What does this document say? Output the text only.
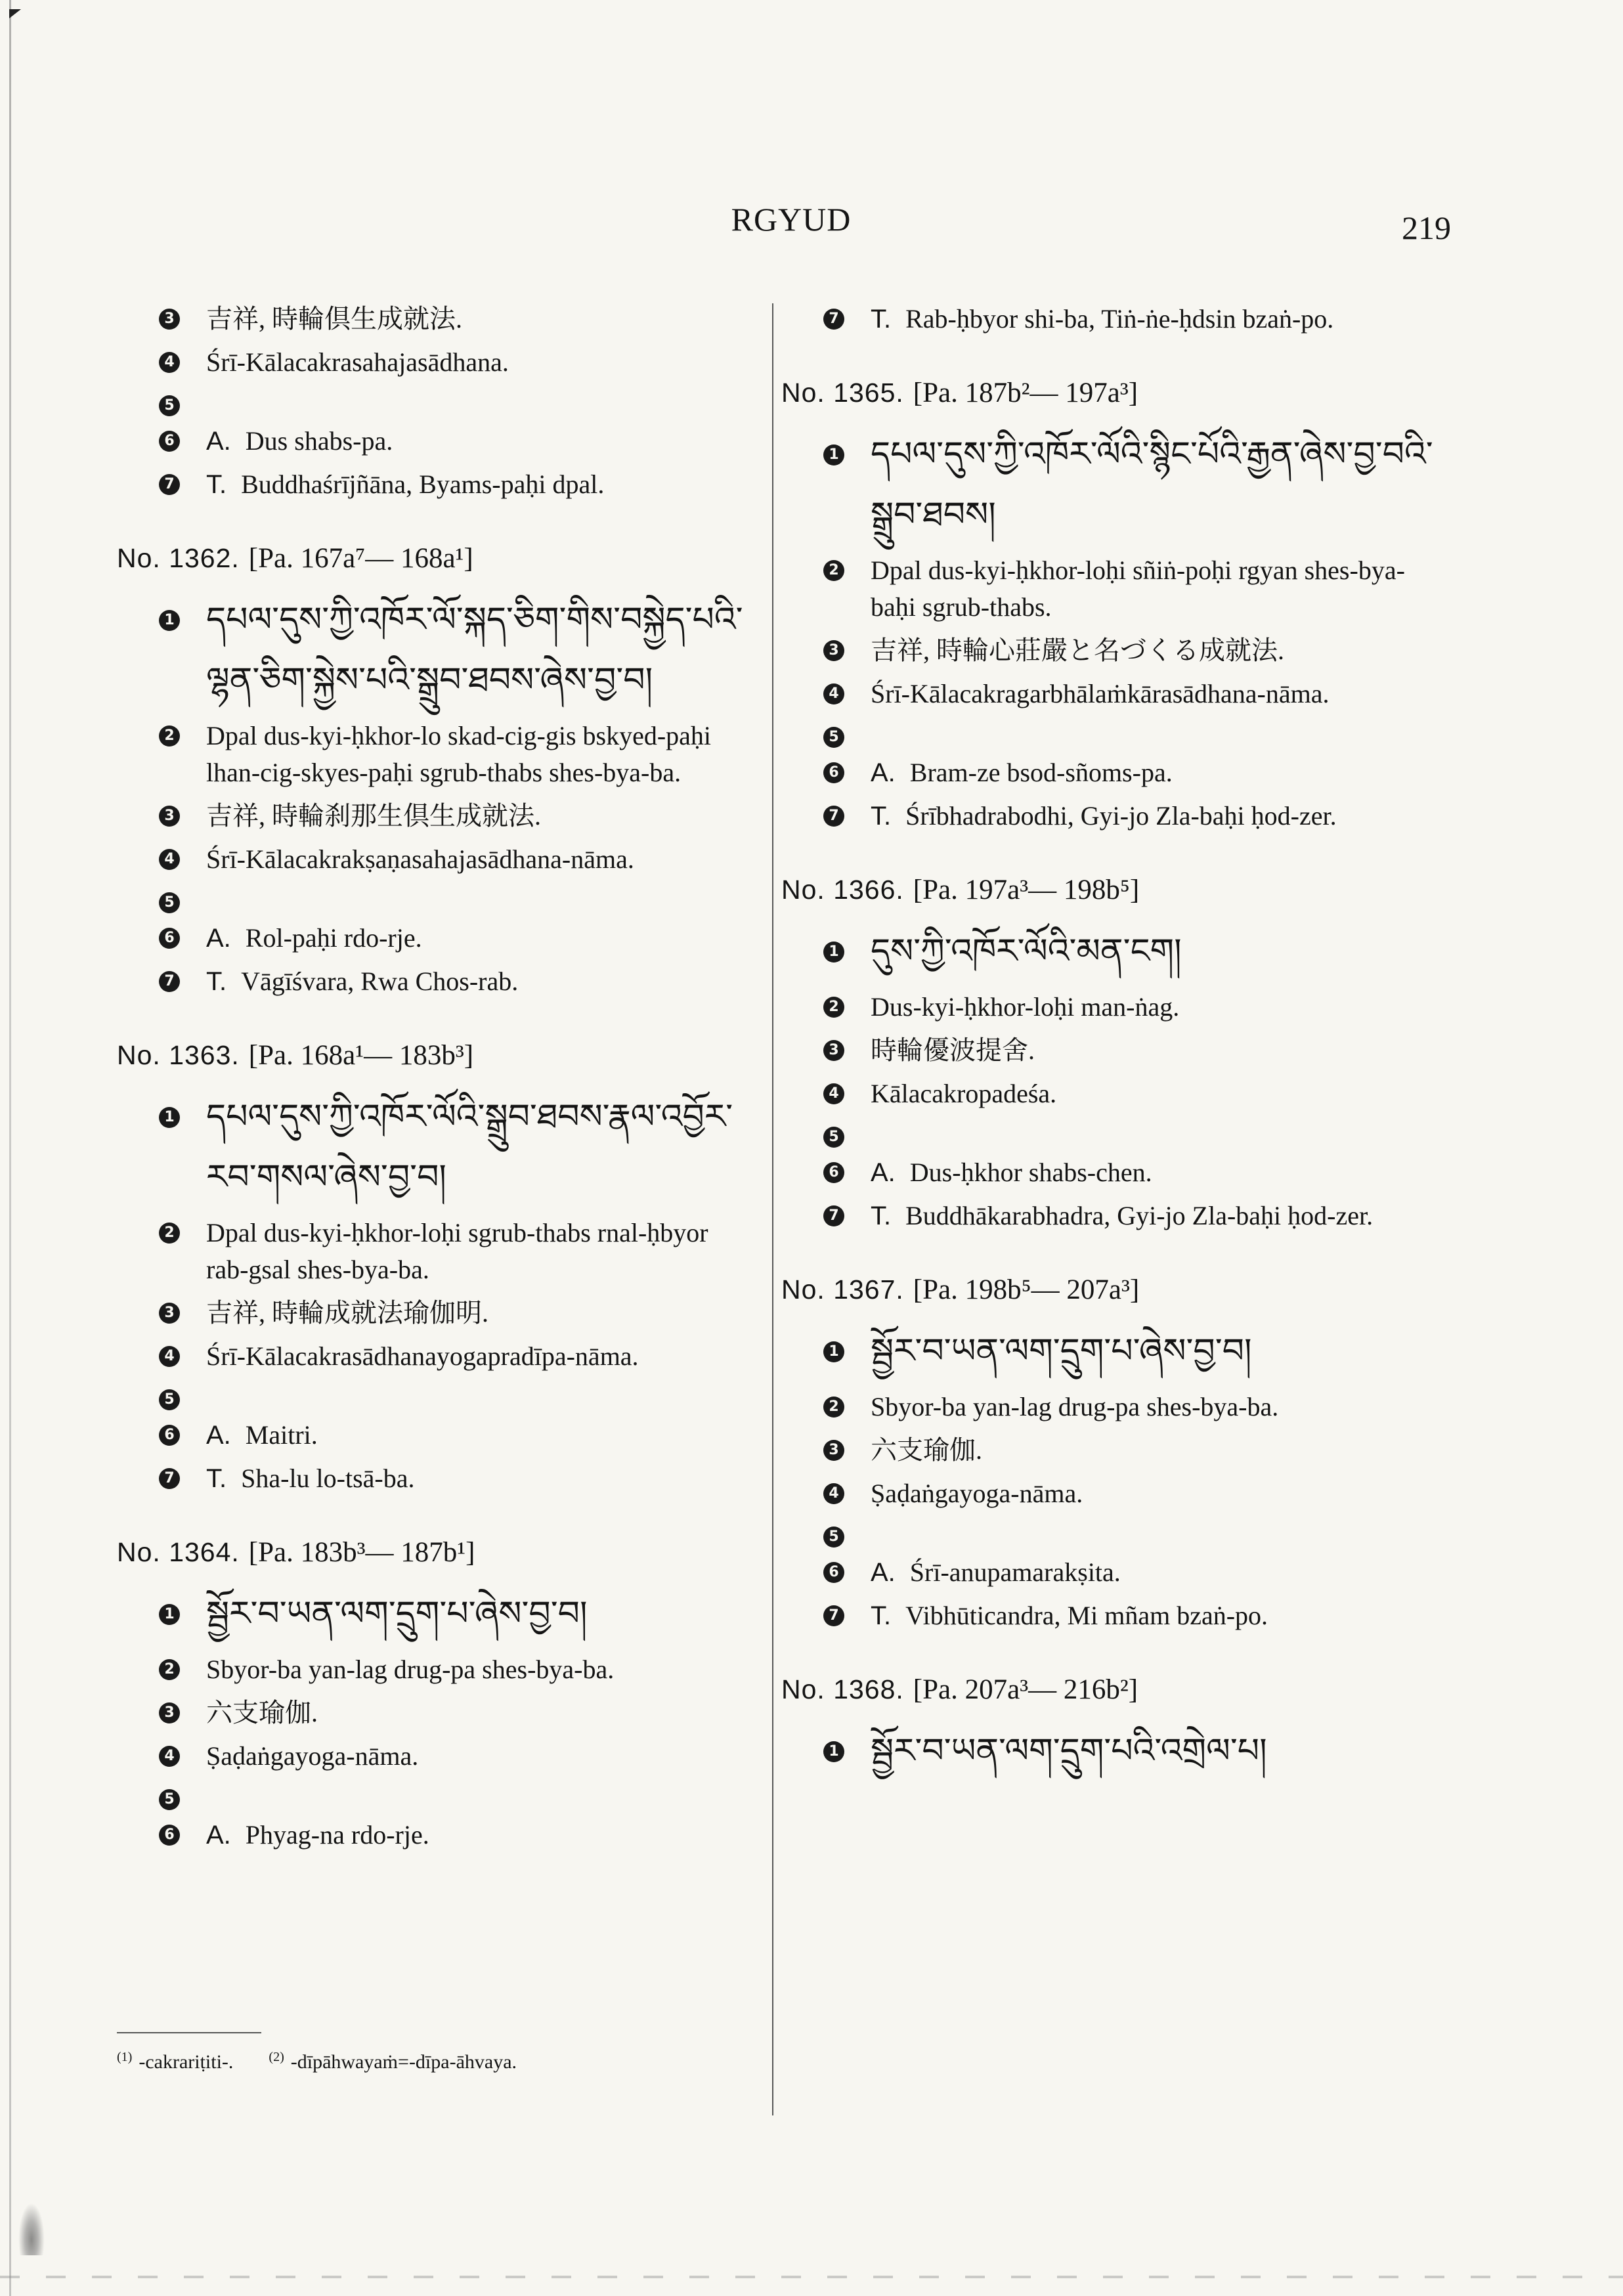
RGYUD	219
3 吉祥, 時輪倶生成就法.
4 Śrī-Kālacakrasahajasādhana.
5
6 A. Dus shabs-pa.
7 T. Buddhaśrījñāna, Byams-paḥi dpal.
No. 1362. [Pa. 167a⁷— 168a¹]
1 དཔལ་དུས་ཀྱི་འཁོར་ལོ་སྐད་ཅིག་གིས་བསྐྱེད་པའི་ལྷན་ཅིག་སྐྱེས་པའི་སྒྲུབ་ཐབས་ཞེས་བྱ་བ།
2 Dpal dus-kyi-ḥkhor-lo skad-cig-gis bskyed-paḥi lhan-cig-skyes-paḥi sgrub-thabs shes-bya-ba.
3 吉祥, 時輪刹那生倶生成就法.
4 Śrī-Kālacakrakṣaṇasahajasādhana-nāma.
5
6 A. Rol-paḥi rdo-rje.
7 T. Vāgīśvara, Rwa Chos-rab.
No. 1363. [Pa. 168a¹— 183b³]
1 དཔལ་དུས་ཀྱི་འཁོར་ལོའི་སྒྲུབ་ཐབས་རྣལ་འབྱོར་རབ་གསལ་ཞེས་བྱ་བ།
2 Dpal dus-kyi-ḥkhor-loḥi sgrub-thabs rnal-ḥbyor rab-gsal shes-bya-ba.
3 吉祥, 時輪成就法瑜伽明.
4 Śrī-Kālacakrasādhanayogapradīpa-nāma.
5
6 A. Maitri.
7 T. Sha-lu lo-tsā-ba.
No. 1364. [Pa. 183b³— 187b¹]
1 སྦྱོར་བ་ཡན་ལག་དྲུག་པ་ཞེས་བྱ་བ།
2 Sbyor-ba yan-lag drug-pa shes-bya-ba.
3 六支瑜伽.
4 Ṣaḍaṅgayoga-nāma.
5
6 A. Phyag-na rdo-rje.
7 T. Rab-ḥbyor shi-ba, Tiṅ-ṅe-ḥdsin bzaṅ-po.
No. 1365. [Pa. 187b²— 197a³]
1 དཔལ་དུས་ཀྱི་འཁོར་ལོའི་སྙིང་པོའི་རྒྱན་ཞེས་བྱ་བའི་སྒྲུབ་ཐབས།
2 Dpal dus-kyi-ḥkhor-loḥi sñiṅ-poḥi rgyan shes-bya-baḥi sgrub-thabs.
3 吉祥, 時輪心莊嚴と名づくる成就法.
4 Śrī-Kālacakragarbhālaṁkārasādhana-nāma.
5
6 A. Bram-ze bsod-sñoms-pa.
7 T. Śrībhadrabodhi, Gyi-jo Zla-baḥi ḥod-zer.
No. 1366. [Pa. 197a³— 198b⁵]
1 དུས་ཀྱི་འཁོར་ལོའི་མན་ངག།
2 Dus-kyi-ḥkhor-loḥi man-ṅag.
3 時輪優波提舍.
4 Kālacakropadeśa.
5
6 A. Dus-ḥkhor shabs-chen.
7 T. Buddhākarabhadra, Gyi-jo Zla-baḥi ḥod-zer.
No. 1367. [Pa. 198b⁵— 207a³]
1 སྦྱོར་བ་ཡན་ལག་དྲུག་པ་ཞེས་བྱ་བ།
2 Sbyor-ba yan-lag drug-pa shes-bya-ba.
3 六支瑜伽.
4 Ṣaḍaṅgayoga-nāma.
5
6 A. Śrī-anupamarakṣita.
7 T. Vibhūticandra, Mi mñam bzaṅ-po.
No. 1368. [Pa. 207a³— 216b²]
1 སྦྱོར་བ་ཡན་ལག་དྲུག་པའི་འགྲེལ་པ།
$^{(1)}$ -cakrariṭiti-.	$^{(2)}$ -dīpāhwayaṁ=-dīpa-āhvaya.
